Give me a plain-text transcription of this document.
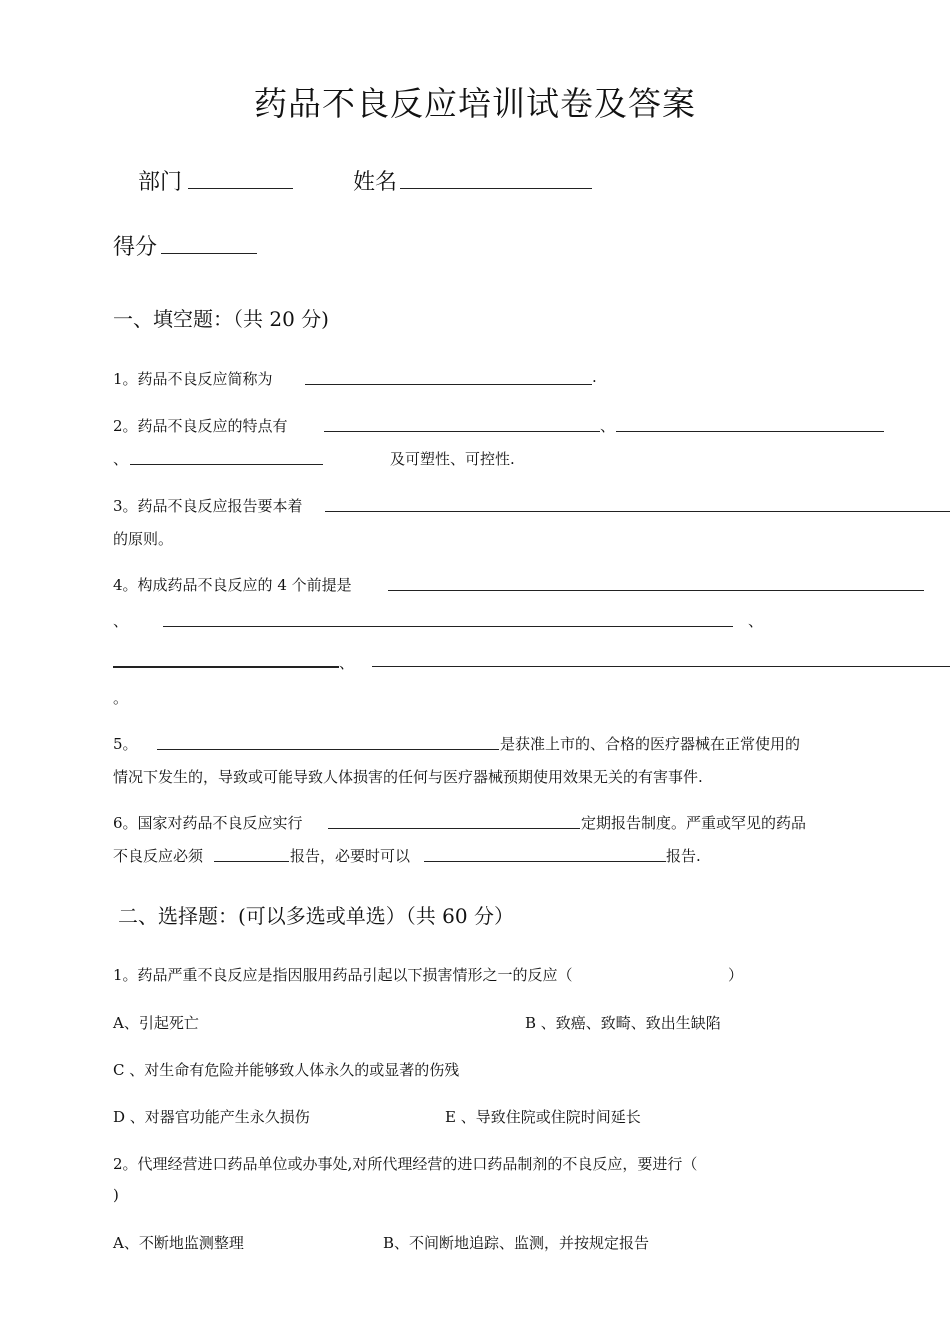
药品不良反应培训试卷及答案
部门	姓名
得分
一、填空题：（共 20 分)
1。药品不良反应简称为	.
2。药品不良反应的特点有	、
、	及可塑性、可控性.
3。药品不良反应报告要本着
的原则。
4。构成药品不良反应的 4 个前提是
、	、
、
。
5。	是获准上市的、合格的医疗器械在正常使用的
情况下发生的，导致或可能导致人体损害的任何与医疗器械预期使用效果无关的有害事件.
6。国家对药品不良反应实行	定期报告制度。严重或罕见的药品
不良反应必须	报告，必要时可以	报告.
二、选择题：(可以多选或单选）（共 60 分）
1。药品严重不良反应是指因服用药品引起以下损害情形之一的反应（	）
A、引起死亡	B 、致癌、致畸、致出生缺陷
C 、对生命有危险并能够致人体永久的或显著的伤残
D 、对器官功能产生永久损伤	E 、导致住院或住院时间延长
2。代理经营进口药品单位或办事处,对所代理经营的进口药品制剂的不良反应，要进行（
)
A、不断地监测整理	B、不间断地追踪、监测，并按规定报告
